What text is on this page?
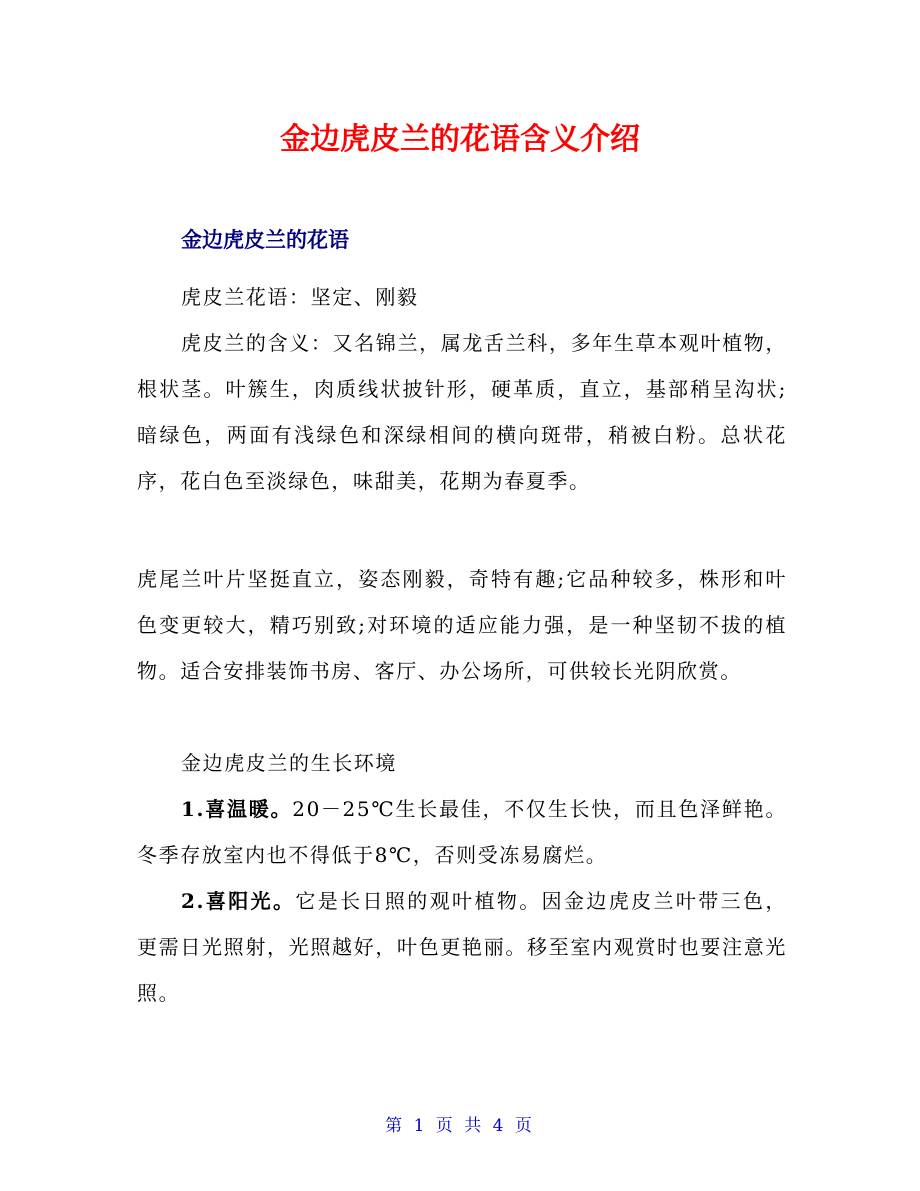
金边虎皮兰的花语含义介绍
金边虎皮兰的花语

虎皮兰花语：坚定、刚毅

虎皮兰的含义：又名锦兰，属龙舌兰科，多年生草本观叶植物，根状茎。叶簇生，肉质线状披针形，硬革质，直立，基部稍呈沟状;暗绿色，两面有浅绿色和深绿相间的横向斑带，稍被白粉。总状花序，花白色至淡绿色，味甜美，花期为春夏季。

虎尾兰叶片坚挺直立，姿态刚毅，奇特有趣;它品种较多，株形和叶色变更较大，精巧别致;对环境的适应能力强，是一种坚韧不拔的植物。适合安排装饰书房、客厅、办公场所，可供较长光阴欣赏。

金边虎皮兰的生长环境

1.喜温暖。20－25℃生长最佳，不仅生长快，而且色泽鲜艳。冬季存放室内也不得低于8℃，否则受冻易腐烂。

2.喜阳光。它是长日照的观叶植物。因金边虎皮兰叶带三色，更需日光照射，光照越好，叶色更艳丽。移至室内观赏时也要注意光照。

第 1 页 共 4 页
